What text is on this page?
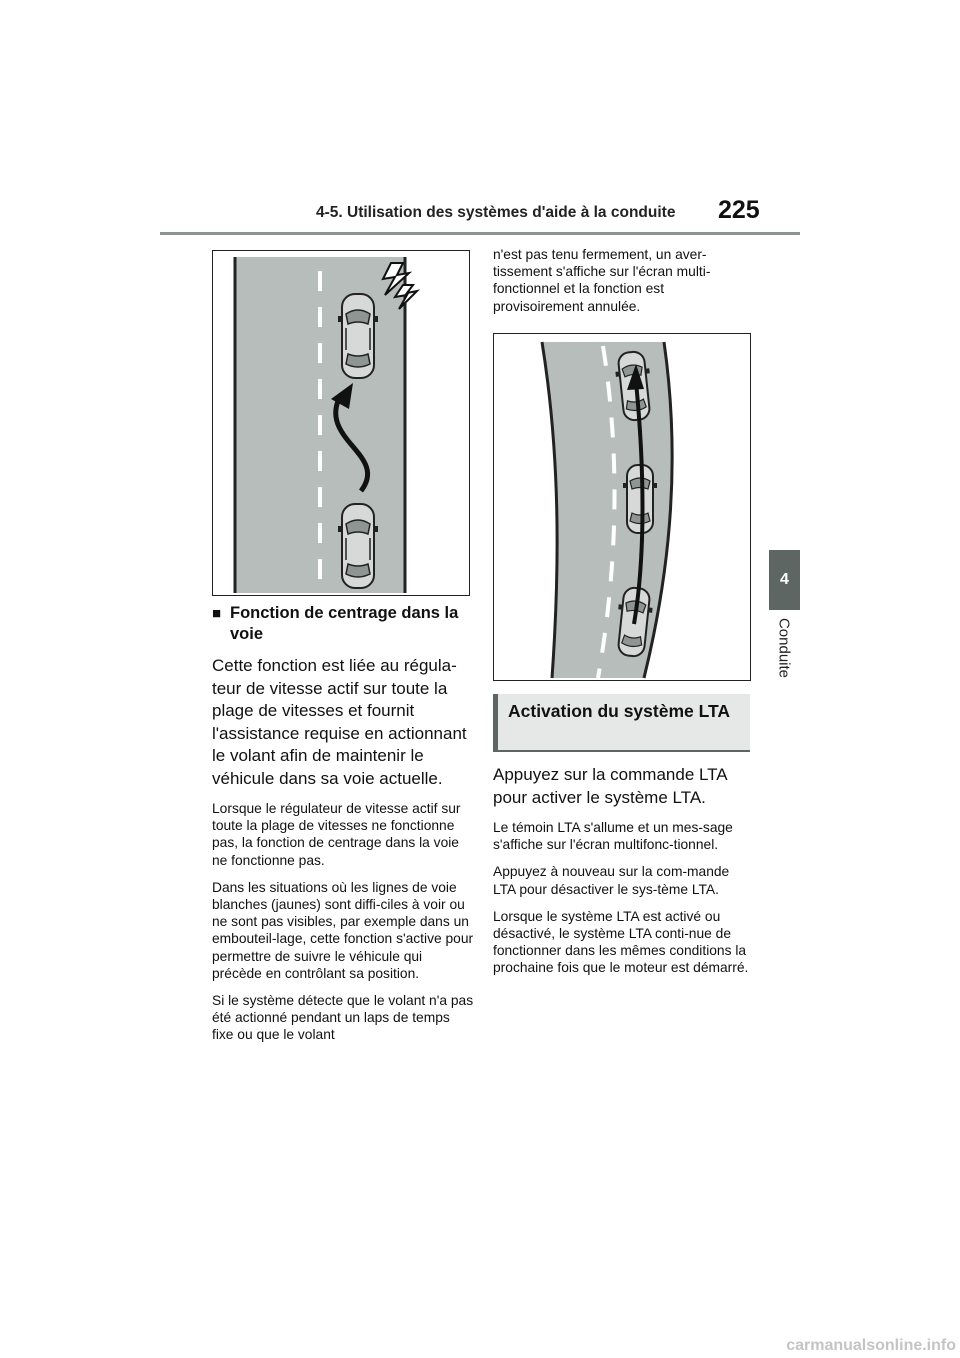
4-5. Utilisation des systèmes d'aide à la conduite 225
4
Conduite
■ Fonction de centrage dans la voie

Cette fonction est liée au régula-teur de vitesse actif sur toute la plage de vitesses et fournit l'assistance requise en actionnant le volant afin de maintenir le véhicule dans sa voie actuelle.

Lorsque le régulateur de vitesse actif sur toute la plage de vitesses ne fonctionne pas, la fonction de centrage dans la voie ne fonctionne pas.

Dans les situations où les lignes de voie blanches (jaunes) sont diffi-ciles à voir ou ne sont pas visibles, par exemple dans un embouteil-lage, cette fonction s'active pour permettre de suivre le véhicule qui précède en contrôlant sa position.

Si le système détecte que le volant n'a pas été actionné pendant un laps de temps fixe ou que le volant

n'est pas tenu fermement, un aver-tissement s'affiche sur l'écran multi-fonctionnel et la fonction est provisoirement annulée.

Activation du système LTA

Appuyez sur la commande LTA pour activer le système LTA.

Le témoin LTA s'allume et un mes-sage s'affiche sur l'écran multifonc-tionnel.

Appuyez à nouveau sur la com-mande LTA pour désactiver le sys-tème LTA.

Lorsque le système LTA est activé ou désactivé, le système LTA conti-nue de fonctionner dans les mêmes conditions la prochaine fois que le moteur est démarré.

carmanualsonline.info
